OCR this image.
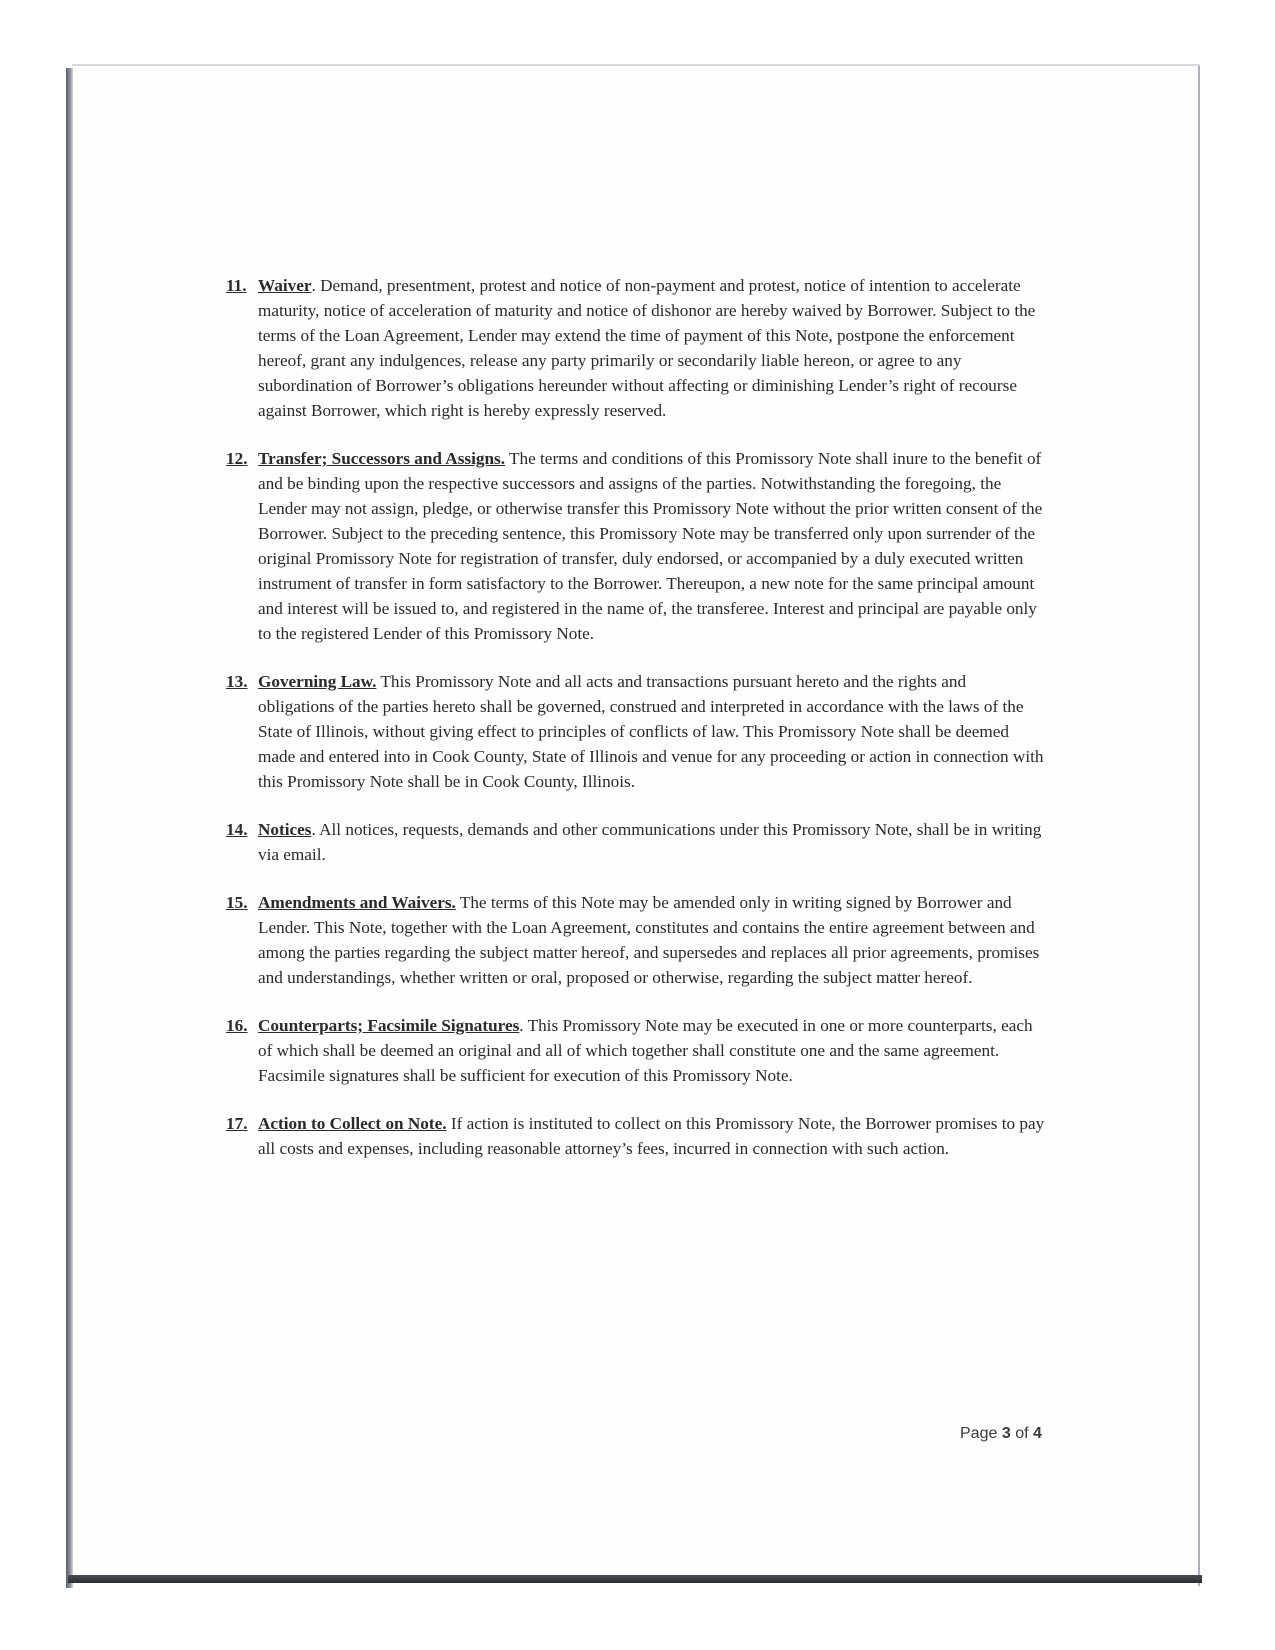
11. Waiver. Demand, presentment, protest and notice of non-payment and protest, notice of intention to accelerate maturity, notice of acceleration of maturity and notice of dishonor are hereby waived by Borrower. Subject to the terms of the Loan Agreement, Lender may extend the time of payment of this Note, postpone the enforcement hereof, grant any indulgences, release any party primarily or secondarily liable hereon, or agree to any subordination of Borrower’s obligations hereunder without affecting or diminishing Lender’s right of recourse against Borrower, which right is hereby expressly reserved.
12. Transfer; Successors and Assigns. The terms and conditions of this Promissory Note shall inure to the benefit of and be binding upon the respective successors and assigns of the parties. Notwithstanding the foregoing, the Lender may not assign, pledge, or otherwise transfer this Promissory Note without the prior written consent of the Borrower. Subject to the preceding sentence, this Promissory Note may be transferred only upon surrender of the original Promissory Note for registration of transfer, duly endorsed, or accompanied by a duly executed written instrument of transfer in form satisfactory to the Borrower. Thereupon, a new note for the same principal amount and interest will be issued to, and registered in the name of, the transferee. Interest and principal are payable only to the registered Lender of this Promissory Note.
13. Governing Law. This Promissory Note and all acts and transactions pursuant hereto and the rights and obligations of the parties hereto shall be governed, construed and interpreted in accordance with the laws of the State of Illinois, without giving effect to principles of conflicts of law. This Promissory Note shall be deemed made and entered into in Cook County, State of Illinois and venue for any proceeding or action in connection with this Promissory Note shall be in Cook County, Illinois.
14. Notices. All notices, requests, demands and other communications under this Promissory Note, shall be in writing via email.
15. Amendments and Waivers. The terms of this Note may be amended only in writing signed by Borrower and Lender. This Note, together with the Loan Agreement, constitutes and contains the entire agreement between and among the parties regarding the subject matter hereof, and supersedes and replaces all prior agreements, promises and understandings, whether written or oral, proposed or otherwise, regarding the subject matter hereof.
16. Counterparts; Facsimile Signatures. This Promissory Note may be executed in one or more counterparts, each of which shall be deemed an original and all of which together shall constitute one and the same agreement. Facsimile signatures shall be sufficient for execution of this Promissory Note.
17. Action to Collect on Note. If action is instituted to collect on this Promissory Note, the Borrower promises to pay all costs and expenses, including reasonable attorney’s fees, incurred in connection with such action.
Page 3 of 4
